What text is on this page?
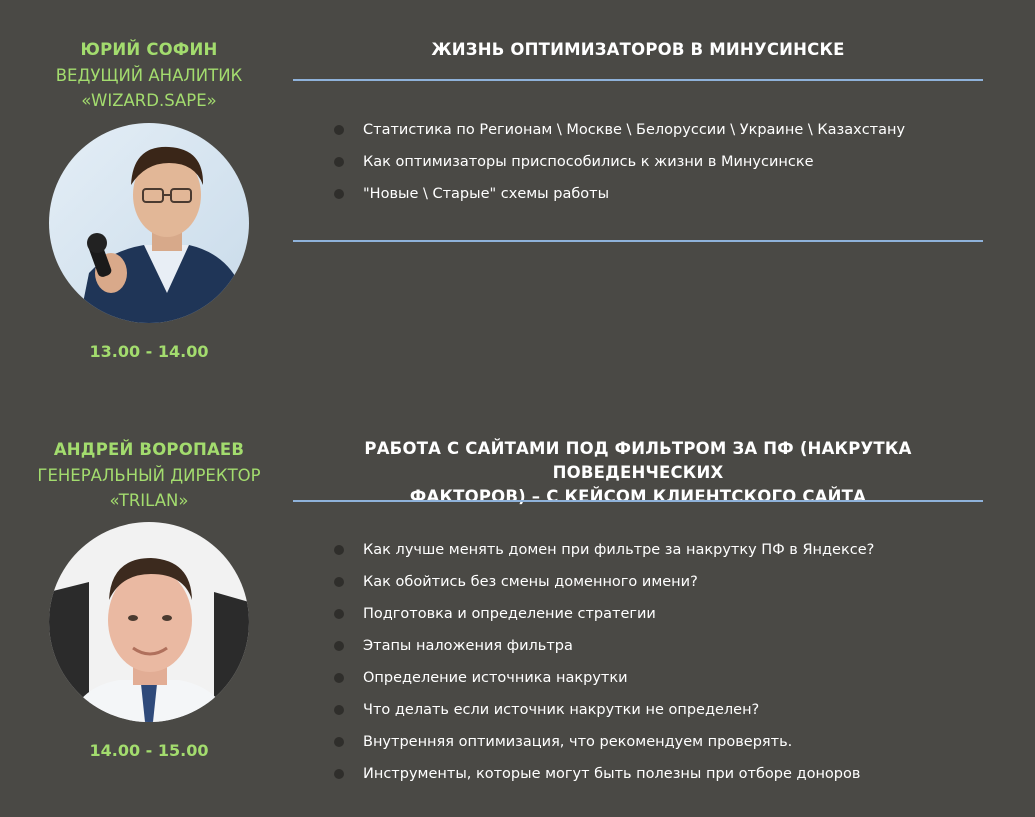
ЮРИЙ СОФИН
ВЕДУЩИЙ АНАЛИТИК
«WIZARD.SAPE»
13.00 - 14.00
ЖИЗНЬ ОПТИМИЗАТОРОВ В МИНУСИНСКЕ
Статистика по Регионам \ Москве \ Белоруссии \ Украине \ Казахстану
Как оптимизаторы приспособились к жизни в Минусинске
"Новые \ Старые" схемы работы
АНДРЕЙ ВОРОПАЕВ
ГЕНЕРАЛЬНЫЙ ДИРЕКТОР
«TRILAN»
14.00 - 15.00
РАБОТА С САЙТАМИ ПОД ФИЛЬТРОМ ЗА ПФ (НАКРУТКА ПОВЕДЕНЧЕСКИХ
ФАКТОРОВ) – С КЕЙСОМ КЛИЕНТСКОГО САЙТА
Как лучше менять домен при фильтре за накрутку ПФ в Яндексе?
Как обойтись без смены доменного имени?
Подготовка и определение стратегии
Этапы наложения фильтра
Определение источника накрутки
Что делать если источник накрутки не определен?
Внутренняя оптимизация, что рекомендуем проверять.
Инструменты, которые могут быть полезны при отборе доноров
